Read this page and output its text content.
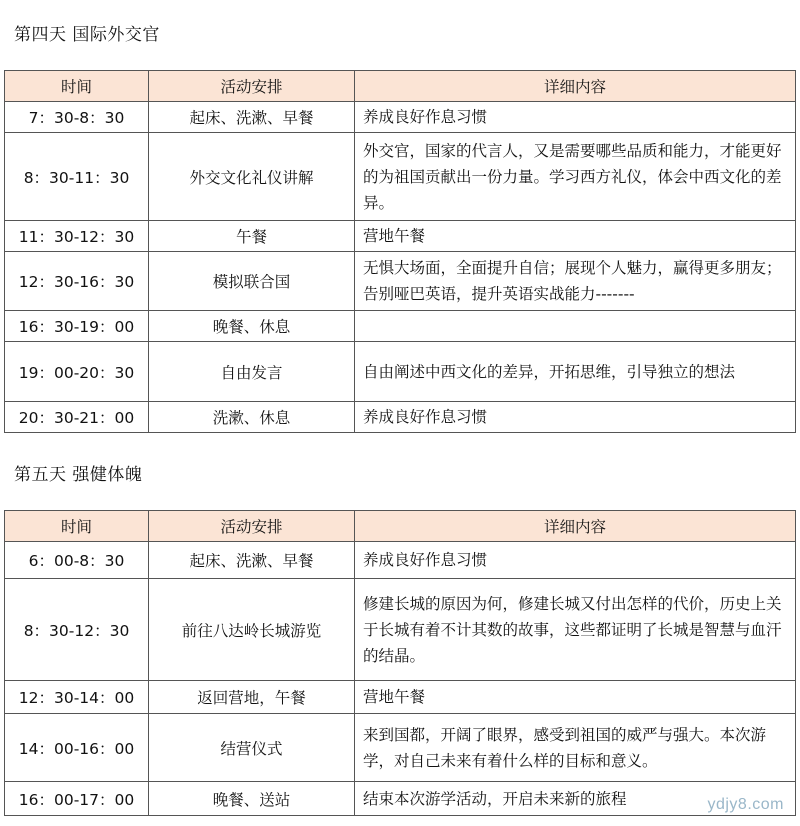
第四天 国际外交官
时间	活动安排	详细内容
7：30-8：30	起床、洗漱、早餐	养成良好作息习惯
8：30-11：30	外交文化礼仪讲解	外交官，国家的代言人，又是需要哪些品质和能力，才能更好的为祖国贡献出一份力量。学习西方礼仪，体会中西文化的差异。
11：30-12：30	午餐	营地午餐
12：30-16：30	模拟联合国	无惧大场面，全面提升自信；展现个人魅力，赢得更多朋友；告别哑巴英语，提升英语实战能力-------
16：30-19：00	晚餐、休息	
19：00-20：30	自由发言	自由阐述中西文化的差异，开拓思维，引导独立的想法
20：30-21：00	洗漱、休息	养成良好作息习惯
第五天 强健体魄
时间	活动安排	详细内容
6：00-8：30	起床、洗漱、早餐	养成良好作息习惯
8：30-12：30	前往八达岭长城游览	修建长城的原因为何，修建长城又付出怎样的代价，历史上关于长城有着不计其数的故事，这些都证明了长城是智慧与血汗的结晶。
12：30-14：00	返回营地，午餐	营地午餐
14：00-16：00	结营仪式	来到国都，开阔了眼界，感受到祖国的威严与强大。本次游学，对自己未来有着什么样的目标和意义。
16：00-17：00	晚餐、送站	结束本次游学活动，开启未来新的旅程	ydjy8.com
